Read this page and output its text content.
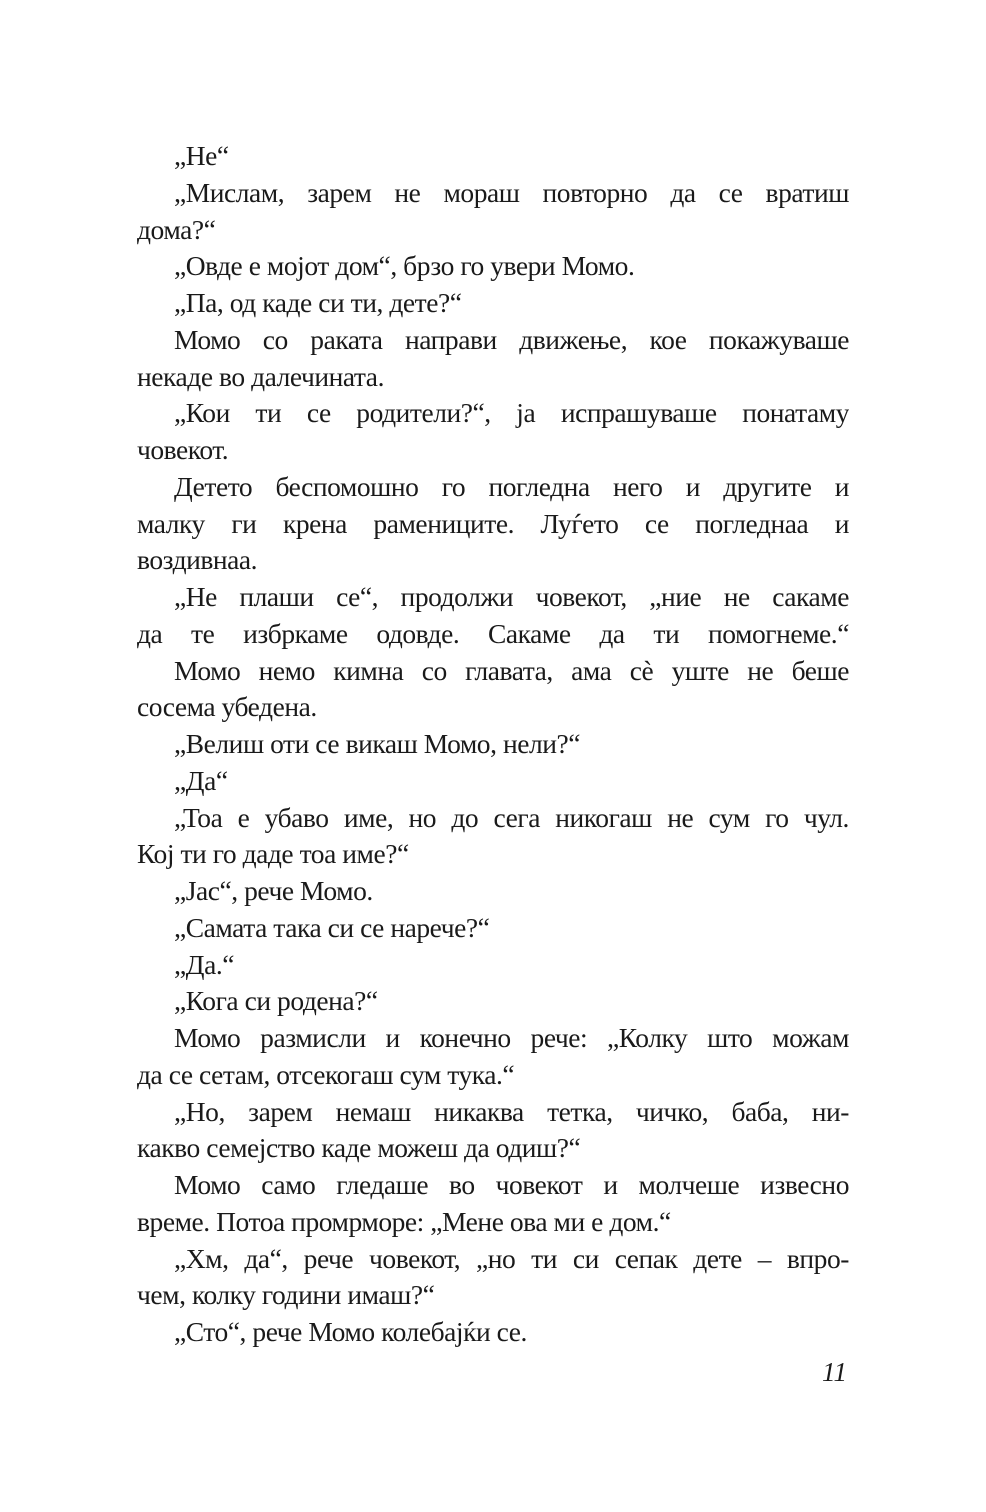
„Не“
„Мислам, зарем не мораш повторно да се вратиш
дома?“
„Овде е мојот дом“, брзо го увери Момо.
„Па, од каде си ти, дете?“
Момо со раката направи движење, кое покажуваше
некаде во далечината.
„Кои ти се родители?“, ја испрашуваше понатаму
човекот.
Детето беспомошно го погледна него и другите и
малку ги крена рамениците. Луѓето се погледнаа и
воздивнаа.
„Не плаши се“, продолжи човекот, „ние не сакаме
да те избркаме одовде. Сакаме да ти помогнеме.“
Момо немо кимна со главата, ама сѐ уште не беше
сосема убедена.
„Велиш оти се викаш Момо, нели?“
„Да“
„Тоа е убаво име, но до сега никогаш не сум го чул.
Кој ти го даде тоа име?“
„Јас“, рече Момо.
„Самата така си се нарече?“
„Да.“
„Кога си родена?“
Момо размисли и конечно рече: „Колку што можам
да се сетам, отсекогаш сум тука.“
„Но, зарем немаш никаква тетка, чичко, баба, ни-
какво семејство каде можеш да одиш?“
Момо само гледаше во човекот и молчеше извесно
време. Потоа промрморе: „Мене ова ми е дом.“
„Хм, да“, рече човекот, „но ти си сепак дете – впро-
чем, колку години имаш?“
„Сто“, рече Момо колебајќи се.
11
